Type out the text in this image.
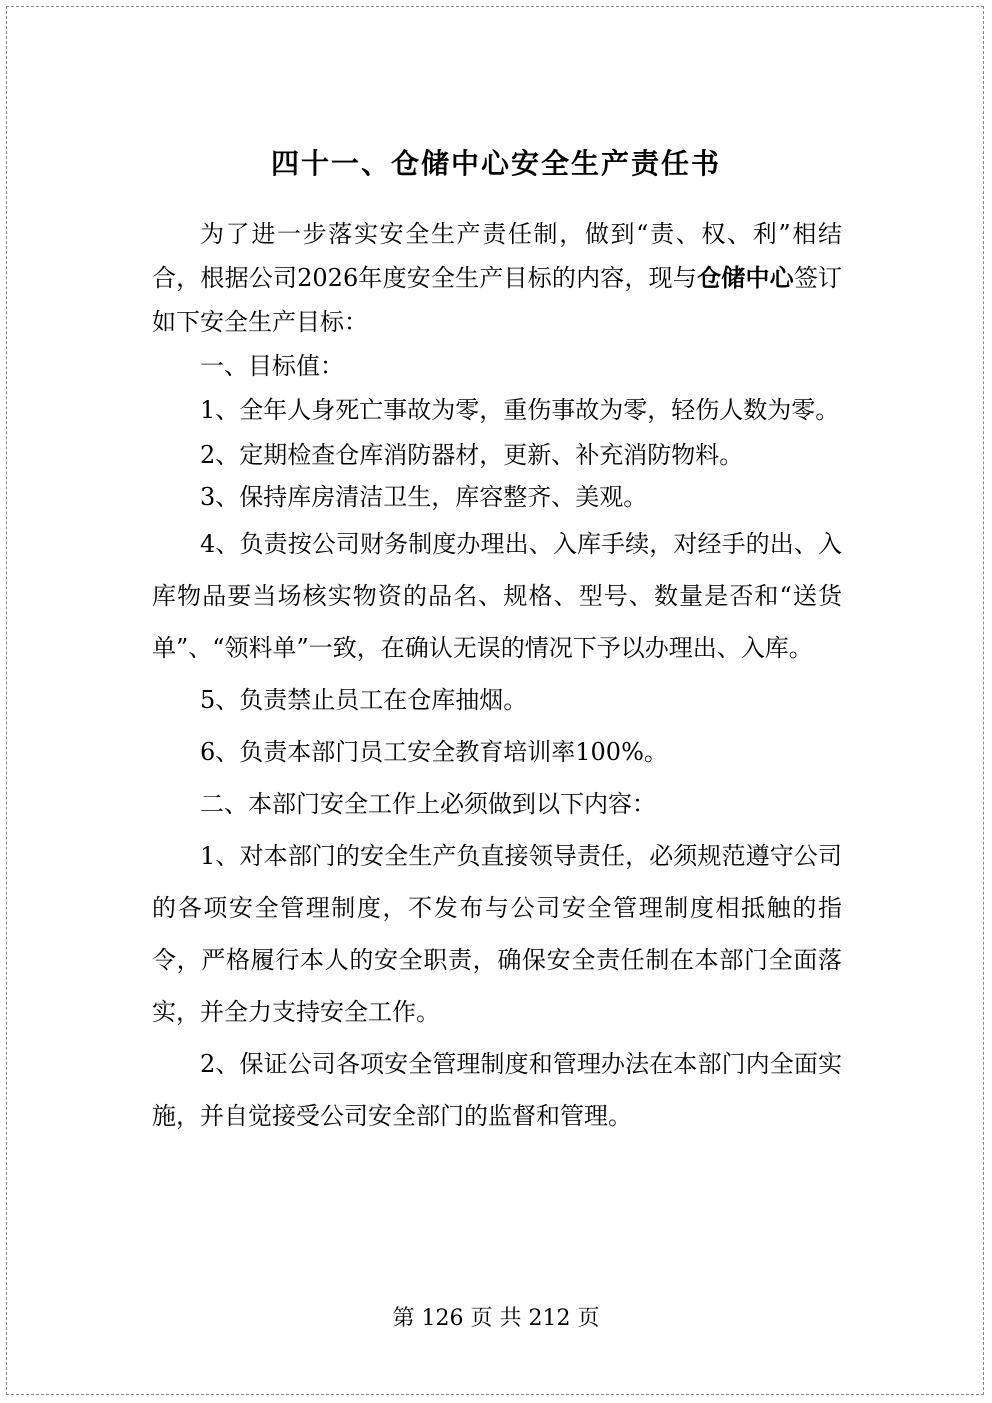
四十一、仓储中心安全生产责任书

为了进一步落实安全生产责任制，做到“责、权、利”相结合，根据公司2026年度安全生产目标的内容，现与仓储中心签订如下安全生产目标：

一、目标值：

1、全年人身死亡事故为零，重伤事故为零，轻伤人数为零。

2、定期检查仓库消防器材，更新、补充消防物料。

3、保持库房清洁卫生，库容整齐、美观。

4、负责按公司财务制度办理出、入库手续，对经手的出、入库物品要当场核实物资的品名、规格、型号、数量是否和“送货单”、“领料单”一致，在确认无误的情况下予以办理出、入库。

5、负责禁止员工在仓库抽烟。

6、负责本部门员工安全教育培训率100%。

二、本部门安全工作上必须做到以下内容：

1、对本部门的安全生产负直接领导责任，必须规范遵守公司的各项安全管理制度，不发布与公司安全管理制度相抵触的指令，严格履行本人的安全职责，确保安全责任制在本部门全面落实，并全力支持安全工作。

2、保证公司各项安全管理制度和管理办法在本部门内全面实施，并自觉接受公司安全部门的监督和管理。

第 126 页 共 212 页
